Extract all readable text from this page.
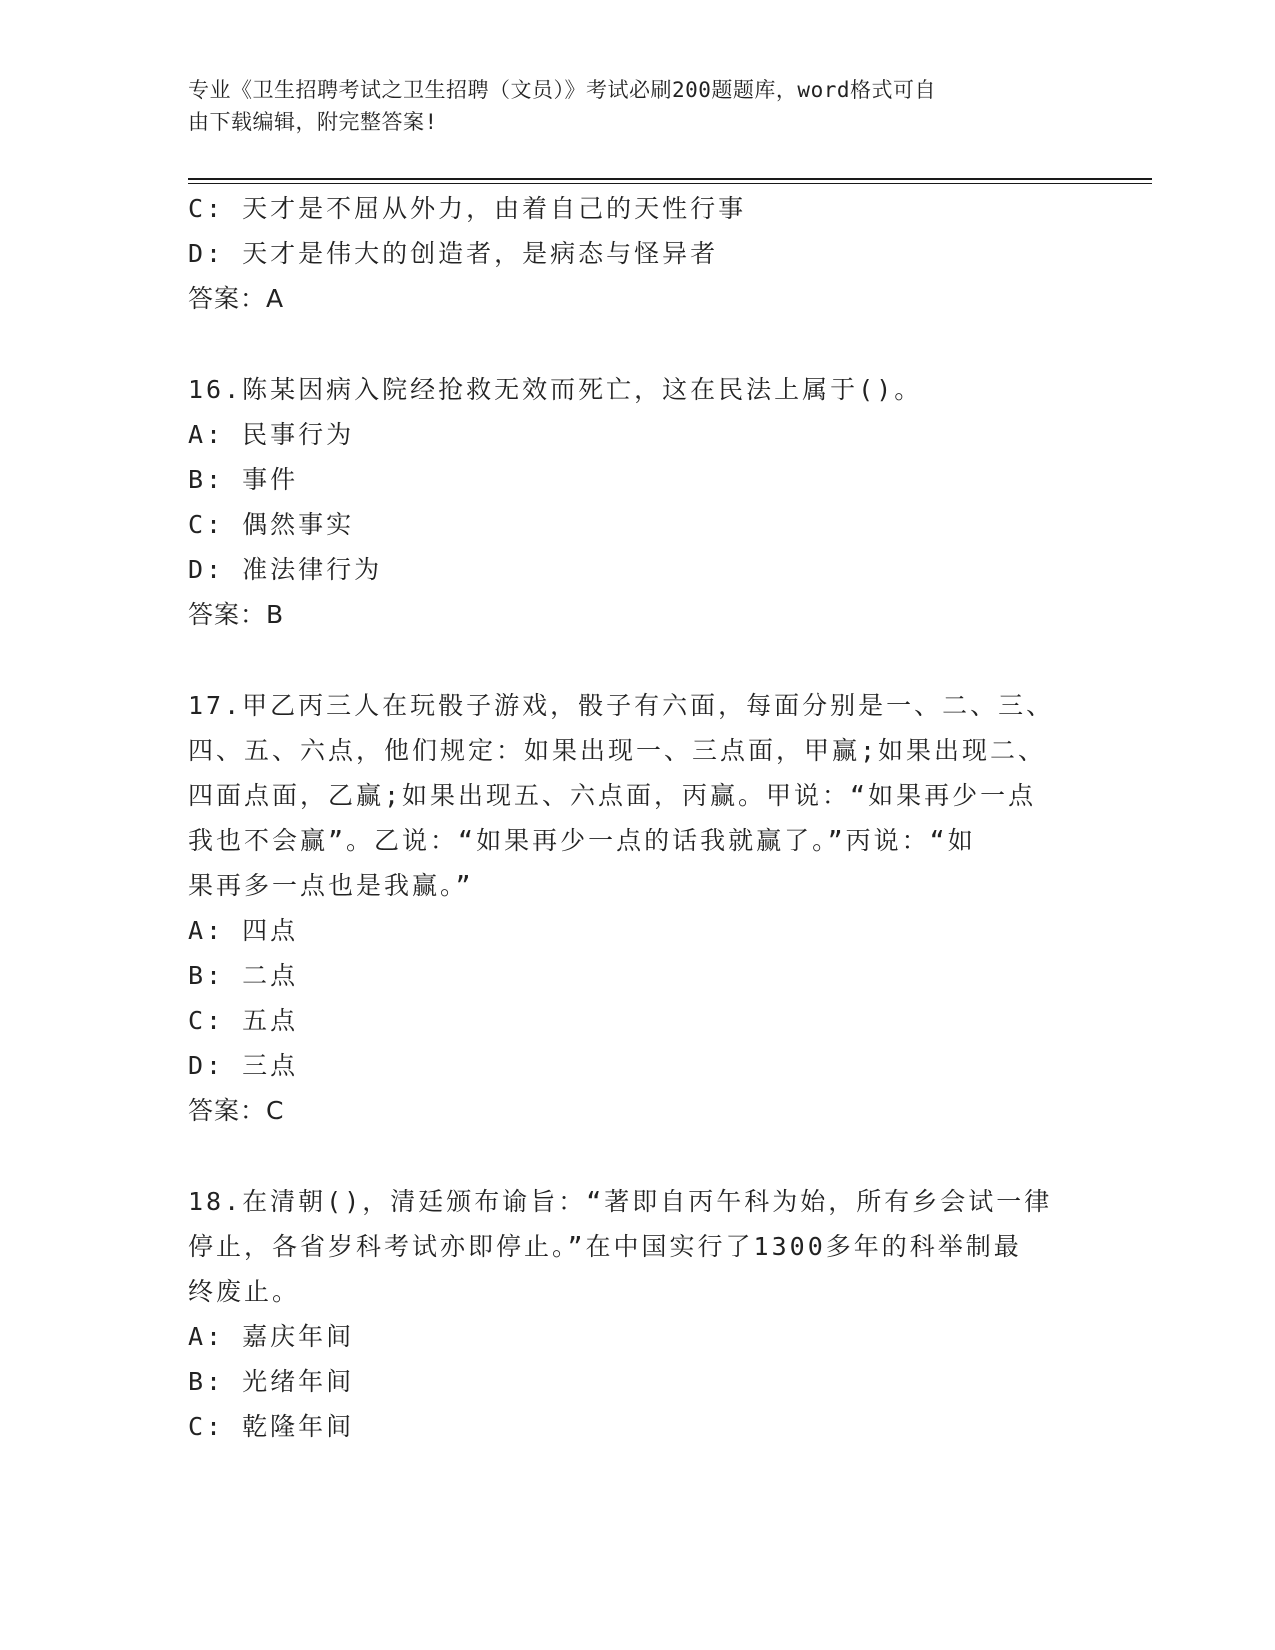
专业《卫生招聘考试之卫生招聘（文员）》考试必刷200题题库，word格式可自
由下载编辑，附完整答案!
C: 天才是不屈从外力，由着自己的天性行事
D: 天才是伟大的创造者，是病态与怪异者
答案：A
16.陈某因病入院经抢救无效而死亡，这在民法上属于()。
A: 民事行为
B: 事件
C: 偶然事实
D: 准法律行为
答案：B
17.甲乙丙三人在玩骰子游戏，骰子有六面，每面分别是一、二、三、
四、五、六点，他们规定：如果出现一、三点面，甲赢;如果出现二、
四面点面，乙赢;如果出现五、六点面，丙赢。甲说：“如果再少一点
我也不会赢”。乙说：“如果再少一点的话我就赢了。”丙说：“如
果再多一点也是我赢。”
A: 四点
B: 二点
C: 五点
D: 三点
答案：C
18.在清朝()，清廷颁布谕旨：“著即自丙午科为始，所有乡会试一律
停止，各省岁科考试亦即停止。”在中国实行了1300多年的科举制最
终废止。
A: 嘉庆年间
B: 光绪年间
C: 乾隆年间
